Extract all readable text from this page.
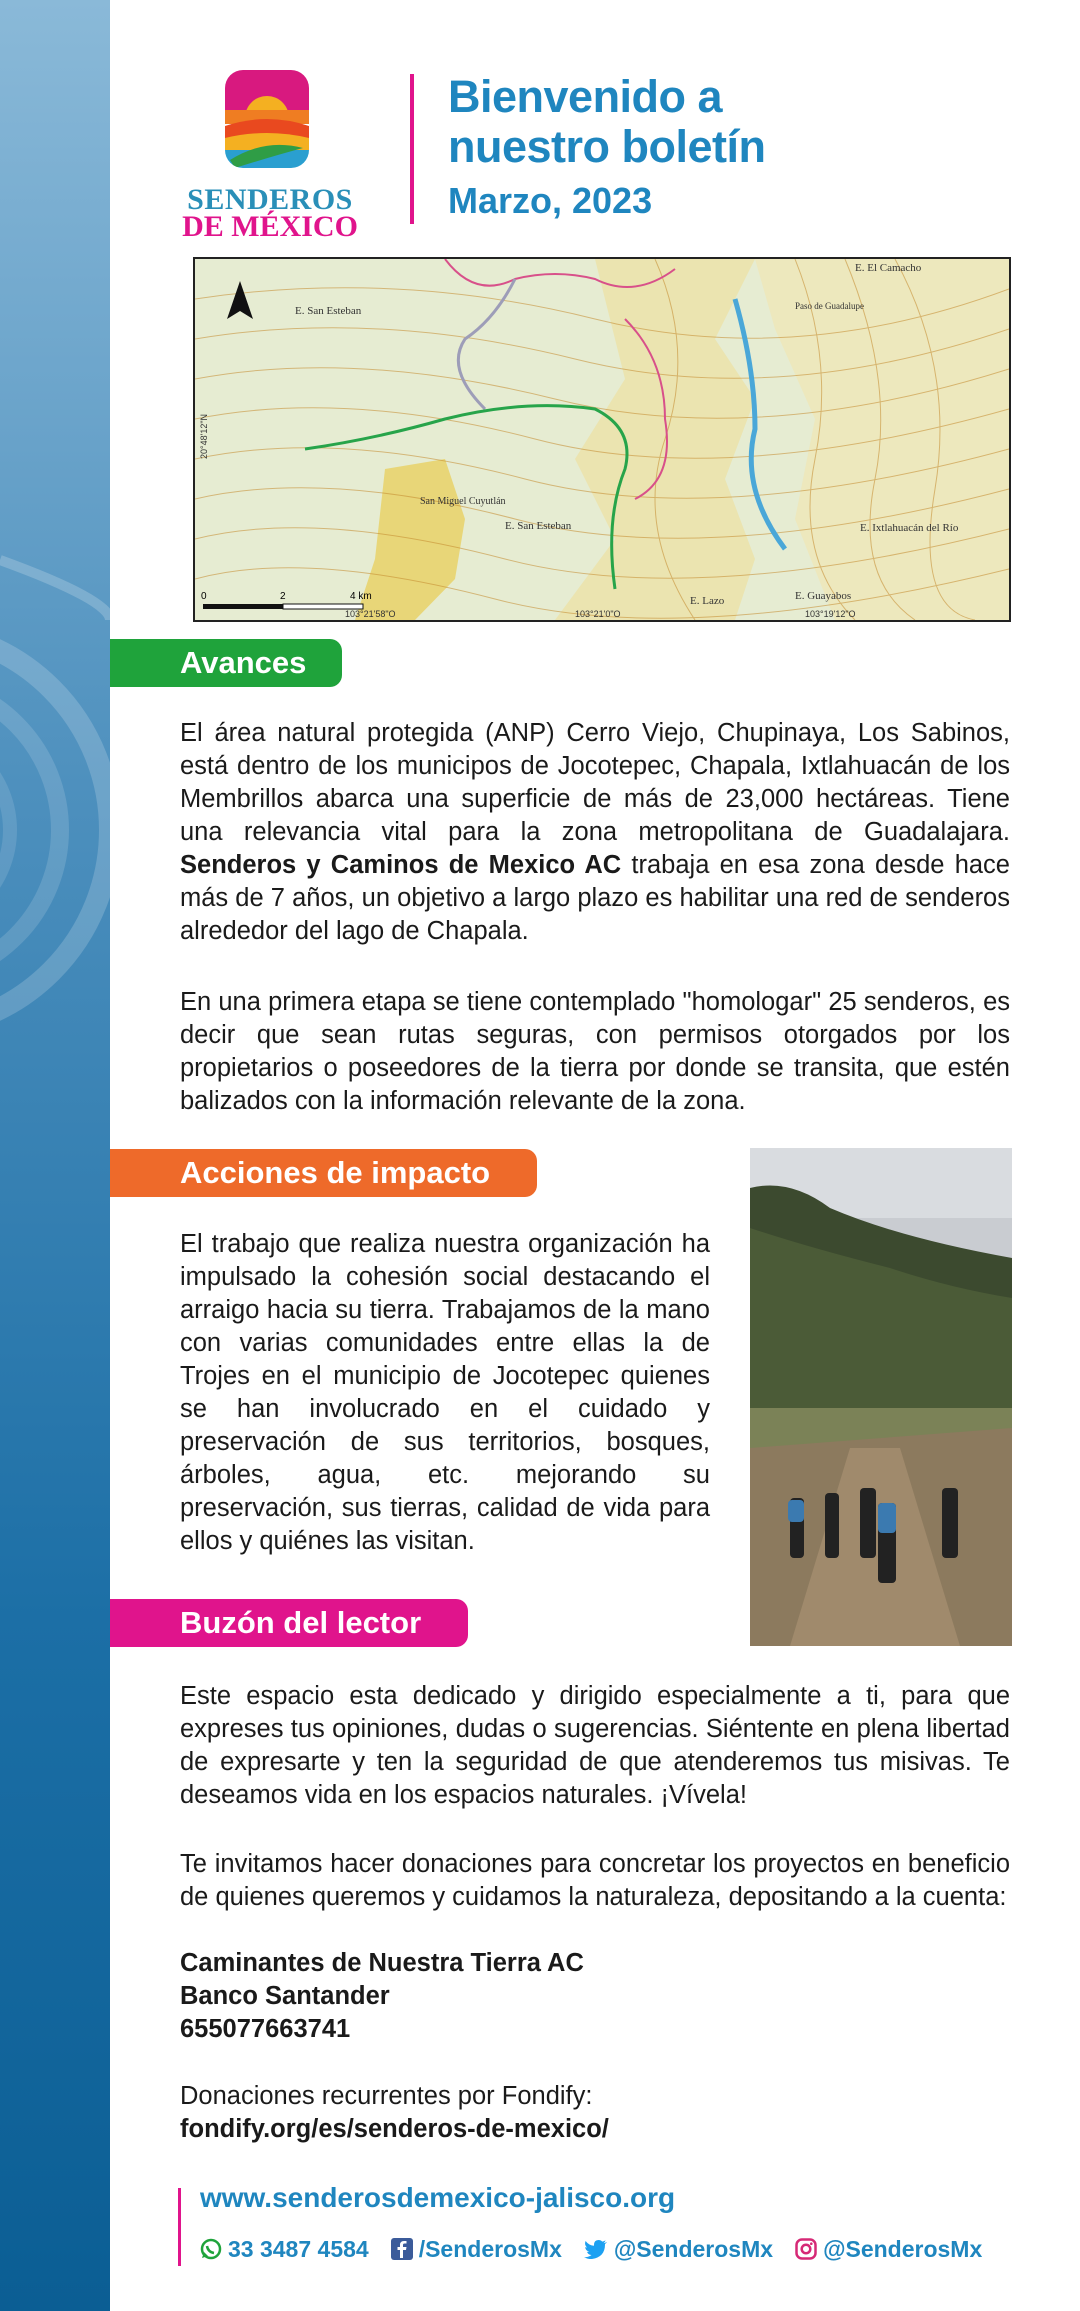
SENDEROS
DE MÉXICO
Bienvenido a
nuestro boletín
Marzo, 2023
0	2	4 km
E. San Esteban
E. El Camacho
Paso de Guadalupe
San Miguel Cuyutlán
E. San Esteban	E. Ixtlahuacán del Río
E. Lazo	E. Guayabos
20°48'12"N
103°21'58"O	103°21'0"O	103°19'12"O
Avances
El área natural protegida (ANP) Cerro Viejo, Chupinaya, Los Sabinos, está dentro de los municipos de Jocotepec, Chapala, Ixtlahuacán de los Membrillos abarca una superficie de más de 23,000 hectáreas. Tiene una relevancia vital para la zona metropolitana de Guadalajara. Senderos y Caminos de Mexico AC trabaja en esa zona desde hace más de 7 años, un objetivo a largo plazo es habilitar una red de senderos alrededor del lago de Chapala.
En una primera etapa se tiene contemplado "homologar" 25 senderos, es decir que sean rutas seguras, con permisos otorgados por los propietarios o poseedores de la tierra por donde se transita, que estén balizados con la información relevante de la zona.
Acciones de impacto
El trabajo que realiza nuestra organización ha impulsado la cohesión social destacando el arraigo hacia su tierra. Trabajamos de la mano con varias comunidades entre ellas la de Trojes en el municipio de Jocotepec quienes se han involucrado en el cuidado y preservación de sus territorios, bosques, árboles, agua, etc. mejorando su preservación, sus tierras, calidad de vida para ellos y quiénes las visitan.
Buzón del lector
Este espacio esta dedicado y dirigido especialmente a ti, para que expreses tus opiniones, dudas o sugerencias. Siéntente en plena libertad de expresarte y ten la seguridad de que atenderemos tus misivas. Te deseamos vida en los espacios naturales. ¡Vívela!
Te invitamos hacer donaciones para concretar los proyectos en beneficio de quienes queremos y cuidamos la naturaleza, depositando a la cuenta:
Caminantes de Nuestra Tierra AC
Banco Santander
655077663741
Donaciones recurrentes por Fondify:
fondify.org/es/senderos-de-mexico/
www.senderosdemexico-jalisco.org
33 3487 4584 /SenderosMx @SenderosMx @SenderosMx
